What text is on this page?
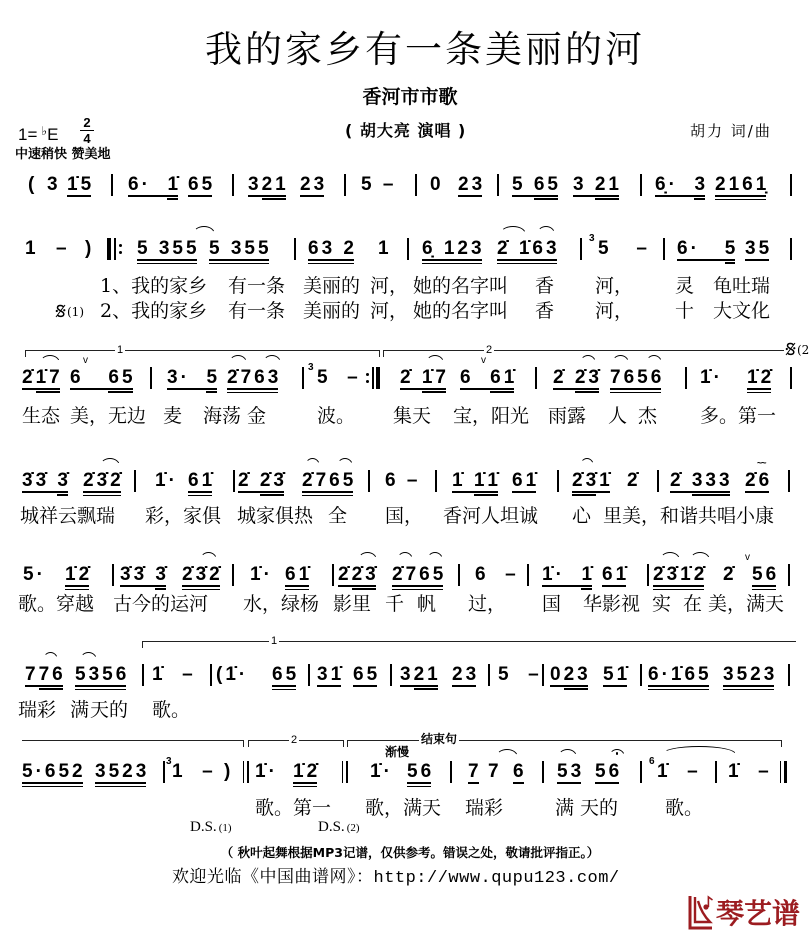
我的家乡有一条美丽的河
香河市市歌
1= ♭E
2
4	( 胡大亮 演唱 )	胡力 词/曲
中速稍快 赞美地
( 3 1̇5 6·  1̇ 65 321 23 5 – 0 23 5 65 3 21 6̣·  3 2161̣
1 – ) 5 355 5 355 63 2 1 6̣ 123 2̇ 1̇63	3 5   – 6·   5 35
(1)
1、我的家乡 有一条 美丽的 河， 她的名字叫 香 河， 灵 龟吐瑞
2、我的家乡 有一条 美丽的 河， 她的名字叫 香 河， 十 大文化
1	2
2̇1̇7 6   65 3·  5 2̇763	3 5  – 2̇ 1̇7 6  61̇ 2̇ 2̇3̇ 7656 1̇· 1̇2̇
v	v
(2
生态 美，无边 麦 海荡 金	波。 集天 宝，阳光 雨露 人 杰 多。第一
3̇3̇ 3̇ 2̇3̇2̇ 1̇· 61̇ 2̇ 2̇3̇ 2̇765 6 – 1̇ 1̇1̇ 61̇ 2̇3̇1̇ 2̇ 2̇ 333 2̇6
~~
城祥云飘瑞 彩，家俱 城家俱热 全 国， 香河人坦诚 心 里美，和谐共唱小康
5· 1̇2̇ 3̇3̇ 3̇ 2̇3̇2̇ 1̇· 61̇ 2̇2̇3̇ 2̇765 6  – 1̇·  1̇ 61̇ 2̇3̇1̇2̇ 2̇ 56
v
歌。穿越 古今的运河 水，绿杨 影里 千 帆 过， 国 华影视 实 在 美，满天
1
776 5356 1̇  – (1̇· 65 31̇ 65 321 23 5  – 023 51̇ 6·1̇65 3523
瑞彩 满 天的 歌。
2	结束句
5·652 3523 3 1  – ) 1̇· 1̇2̇	1̇· 56 7 7 6 53 56	6 1̇  – 1̇  –
歌。第一 歌，满天 瑞彩	满 天的 歌。
渐慢
D.S. (1)	D.S. (2)
（ 秋叶起舞根据MP3记谱，仅供参考。错误之处，敬请批评指正。）
欢迎光临《中国曲谱网》：http://www.qupu123.com/
琴艺谱
